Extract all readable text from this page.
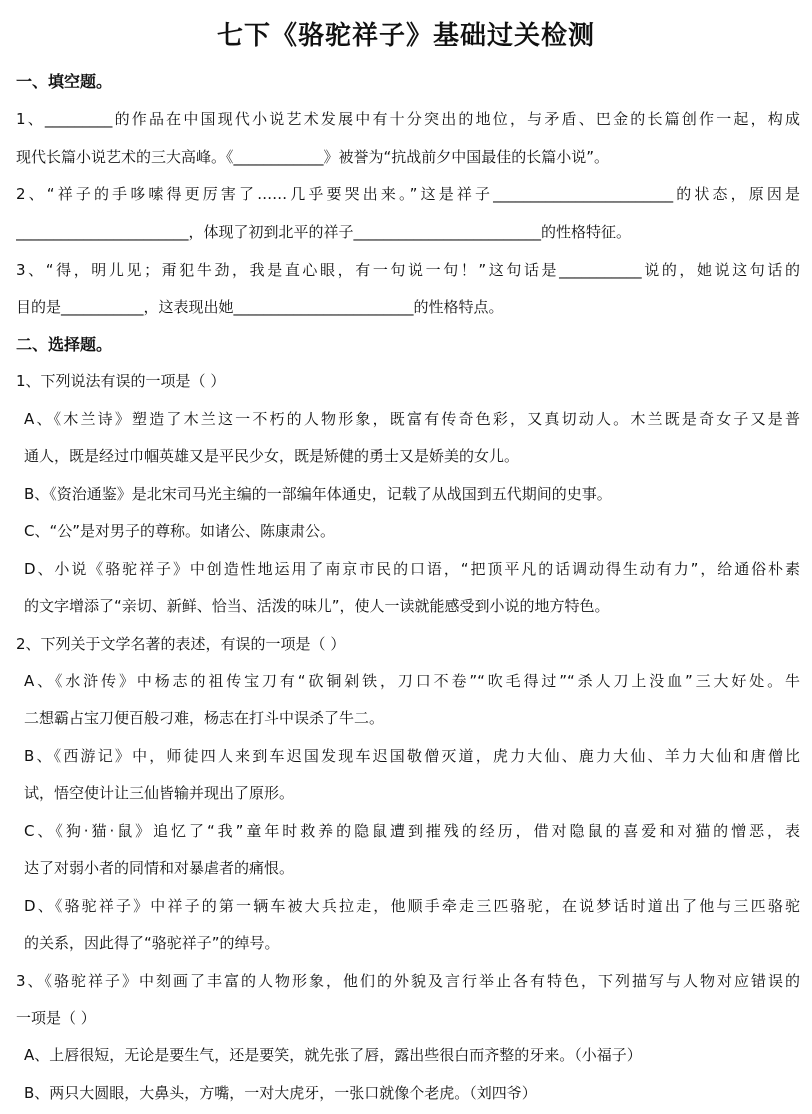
七下《骆驼祥子》基础过关检测
一、填空题。
1、_________的作品在中国现代小说艺术发展中有十分突出的地位，与矛盾、巴金的长篇创作一起，构成
现代长篇小说艺术的三大高峰。《____________》被誉为“抗战前夕中国最佳的长篇小说”。
2、“祥子的手哆嗦得更厉害了……几乎要哭出来。”这是祥子________________________的状态，原因是
_______________________，体现了初到北平的祥子_________________________的性格特征。
3、“得，明儿见；甭犯牛劲，我是直心眼，有一句说一句！”这句话是___________说的，她说这句话的
目的是___________，这表现出她________________________的性格特点。
二、选择题。
1、下列说法有误的一项是（ ）
A、《木兰诗》塑造了木兰这一不朽的人物形象，既富有传奇色彩，又真切动人。木兰既是奇女子又是普
通人，既是经过巾帼英雄又是平民少女，既是矫健的勇士又是娇美的女儿。
B、《资治通鉴》是北宋司马光主编的一部编年体通史，记载了从战国到五代期间的史事。
C、“公”是对男子的尊称。如诸公、陈康肃公。
D、小说《骆驼祥子》中创造性地运用了南京市民的口语，“把顶平凡的话调动得生动有力”，给通俗朴素
的文字增添了“亲切、新鲜、恰当、活泼的味儿”，使人一读就能感受到小说的地方特色。
2、下列关于文学名著的表述，有误的一项是（ ）
A、《水浒传》中杨志的祖传宝刀有“砍铜剁铁，刀口不卷”“吹毛得过”“杀人刀上没血”三大好处。牛
二想霸占宝刀便百般刁难，杨志在打斗中误杀了牛二。
B、《西游记》中，师徒四人来到车迟国发现车迟国敬僧灭道，虎力大仙、鹿力大仙、羊力大仙和唐僧比
试，悟空使计让三仙皆输并现出了原形。
C、《狗·猫·鼠》追忆了“我”童年时救养的隐鼠遭到摧残的经历，借对隐鼠的喜爱和对猫的憎恶，表
达了对弱小者的同情和对暴虐者的痛恨。
D、《骆驼祥子》中祥子的第一辆车被大兵拉走，他顺手牵走三匹骆驼，在说梦话时道出了他与三匹骆驼
的关系，因此得了“骆驼祥子”的绰号。
3、《骆驼祥子》中刻画了丰富的人物形象，他们的外貌及言行举止各有特色，下列描写与人物对应错误的
一项是（ ）
A、上唇很短，无论是要生气，还是要笑，就先张了唇，露出些很白而齐整的牙来。（小福子）
B、两只大圆眼，大鼻头，方嘴，一对大虎牙，一张口就像个老虎。（刘四爷）
